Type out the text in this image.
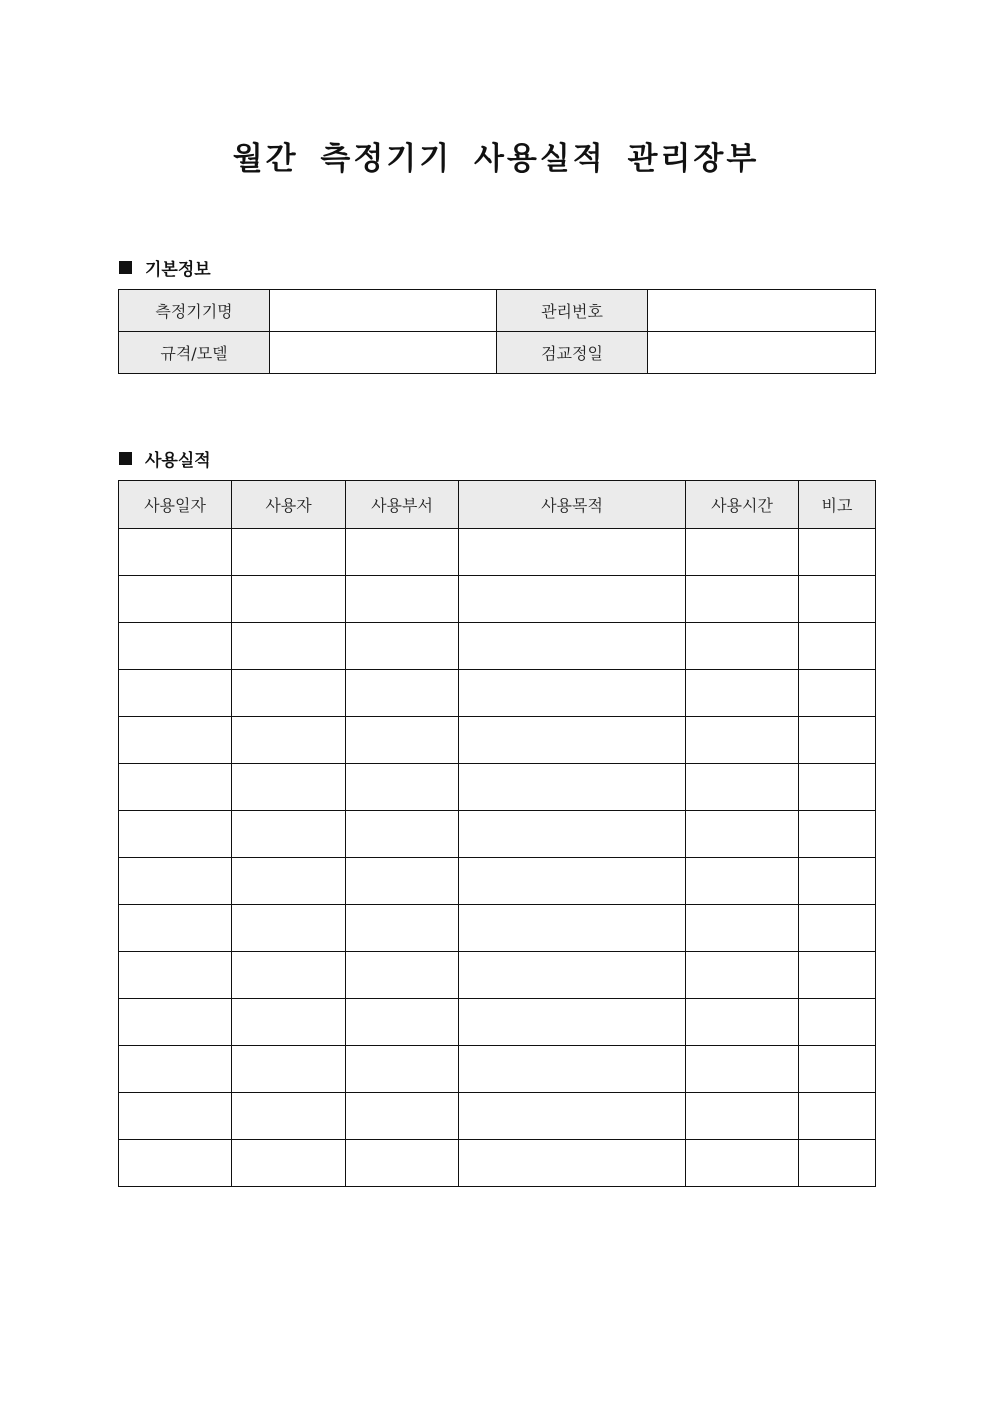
월간 측정기기 사용실적 관리장부
기본정보
측정기기명		관리번호	
규격/모델		검교정일	
사용실적
사용일자	사용자	사용부서	사용목적	사용시간	비고
